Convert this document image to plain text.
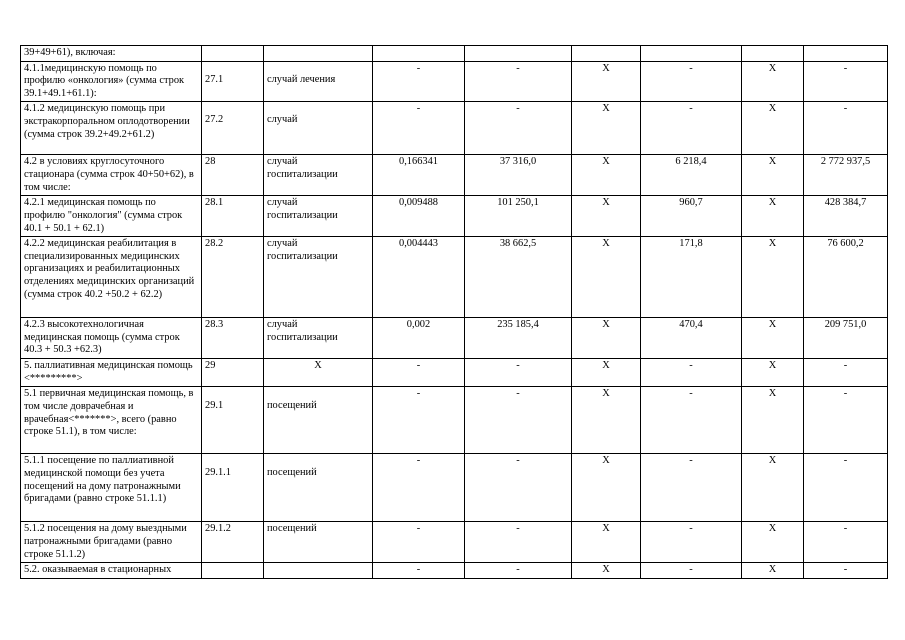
39+49+61), включая:									
4.1.1медицинскую помощь по профилю «онкология» (сумма строк 39.1+49.1+61.1):	27.1	случай лечения	-	-	Х	-	Х	-	
4.1.2 медицинскую помощь при экстракорпоральном оплодотворении (сумма строк 39.2+49.2+61.2)	27.2	случай	-	-	Х	-	Х	-	
4.2 в условиях круглосуточного стационара (сумма строк 40+50+62), в том числе:	28	случай госпитализации	0,166341	37 316,0	Х	6 218,4	Х	2 772 937,5	
4.2.1 медицинская помощь по профилю "онкология" (сумма строк 40.1 + 50.1 + 62.1)	28.1	случай госпитализации	0,009488	101 250,1	Х	960,7	Х	428 384,7	
4.2.2 медицинская реабилитация в специализированных медицинских организациях и реабилитационных отделениях медицинских организаций (сумма строк 40.2 +50.2 + 62.2)	28.2	случай госпитализации	0,004443	38 662,5	Х	171,8	Х	76 600,2	
4.2.3 высокотехнологичная медицинская помощь (сумма строк 40.3 + 50.3 +62.3)	28.3	случай госпитализации	0,002	235 185,4	Х	470,4	Х	209 751,0	
5. паллиативная медицинская помощь <*********>	29	Х	-	-	Х	-	Х	-	
5.1 первичная медицинская помощь, в том числе доврачебная и врачебная<*******>, всего (равно строке 51.1), в том числе:	29.1	посещений	-	-	Х	-	Х	-	
5.1.1 посещение по паллиативной медицинской помощи без учета посещений на дому патронажными бригадами (равно строке 51.1.1)	29.1.1	посещений	-	-	Х	-	Х	-	
5.1.2 посещения на дому выездными патронажными бригадами (равно строке 51.1.2)	29.1.2	посещений	-	-	Х	-	Х	-	
5.2. оказываемая в стационарных			-	-	Х	-	Х	-	
